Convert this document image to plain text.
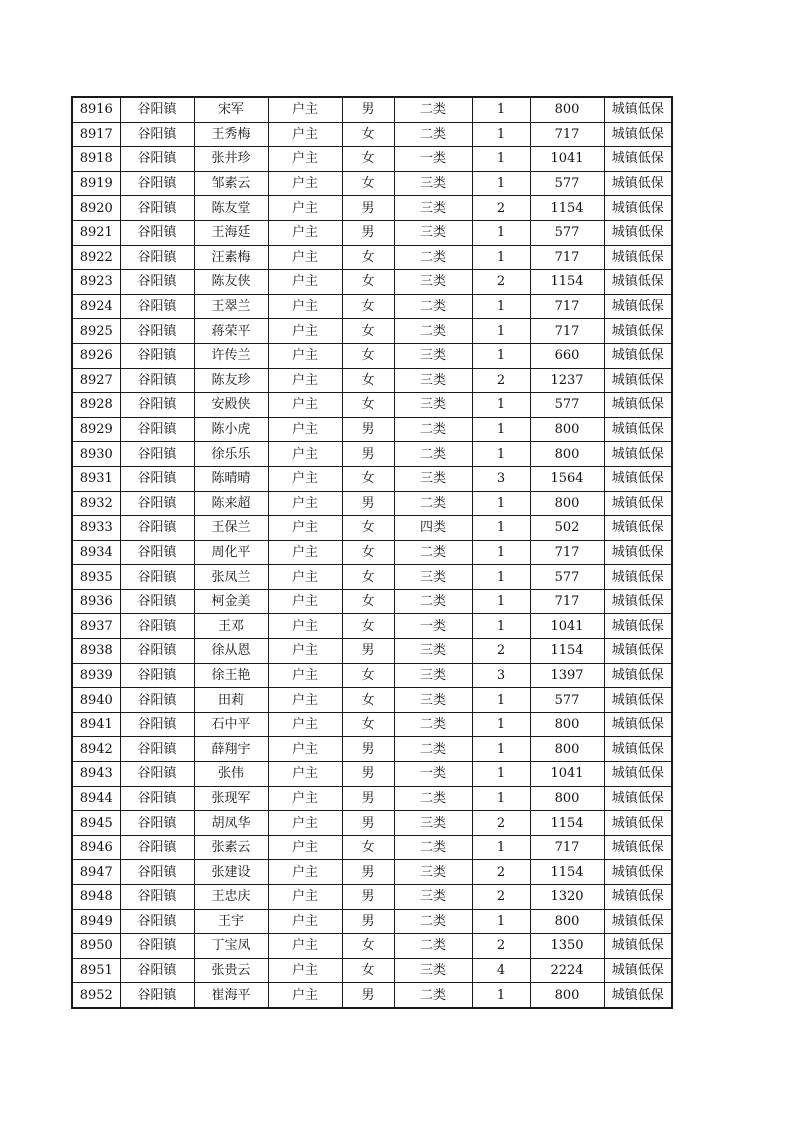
8916	谷阳镇	宋军	户主	男	二类	1	800	城镇低保
8917	谷阳镇	王秀梅	户主	女	二类	1	717	城镇低保
8918	谷阳镇	张井珍	户主	女	一类	1	1041	城镇低保
8919	谷阳镇	邹素云	户主	女	三类	1	577	城镇低保
8920	谷阳镇	陈友堂	户主	男	三类	2	1154	城镇低保
8921	谷阳镇	王海廷	户主	男	三类	1	577	城镇低保
8922	谷阳镇	汪素梅	户主	女	二类	1	717	城镇低保
8923	谷阳镇	陈友侠	户主	女	三类	2	1154	城镇低保
8924	谷阳镇	王翠兰	户主	女	二类	1	717	城镇低保
8925	谷阳镇	蒋荣平	户主	女	二类	1	717	城镇低保
8926	谷阳镇	许传兰	户主	女	三类	1	660	城镇低保
8927	谷阳镇	陈友珍	户主	女	三类	2	1237	城镇低保
8928	谷阳镇	安殿侠	户主	女	三类	1	577	城镇低保
8929	谷阳镇	陈小虎	户主	男	二类	1	800	城镇低保
8930	谷阳镇	徐乐乐	户主	男	二类	1	800	城镇低保
8931	谷阳镇	陈晴晴	户主	女	三类	3	1564	城镇低保
8932	谷阳镇	陈来超	户主	男	二类	1	800	城镇低保
8933	谷阳镇	王保兰	户主	女	四类	1	502	城镇低保
8934	谷阳镇	周化平	户主	女	二类	1	717	城镇低保
8935	谷阳镇	张凤兰	户主	女	三类	1	577	城镇低保
8936	谷阳镇	柯金美	户主	女	二类	1	717	城镇低保
8937	谷阳镇	王邓	户主	女	一类	1	1041	城镇低保
8938	谷阳镇	徐从恩	户主	男	三类	2	1154	城镇低保
8939	谷阳镇	徐王艳	户主	女	三类	3	1397	城镇低保
8940	谷阳镇	田莉	户主	女	三类	1	577	城镇低保
8941	谷阳镇	石中平	户主	女	二类	1	800	城镇低保
8942	谷阳镇	薛翔宇	户主	男	二类	1	800	城镇低保
8943	谷阳镇	张伟	户主	男	一类	1	1041	城镇低保
8944	谷阳镇	张现军	户主	男	二类	1	800	城镇低保
8945	谷阳镇	胡凤华	户主	男	三类	2	1154	城镇低保
8946	谷阳镇	张素云	户主	女	二类	1	717	城镇低保
8947	谷阳镇	张建设	户主	男	三类	2	1154	城镇低保
8948	谷阳镇	王忠庆	户主	男	三类	2	1320	城镇低保
8949	谷阳镇	王宇	户主	男	二类	1	800	城镇低保
8950	谷阳镇	丁宝凤	户主	女	二类	2	1350	城镇低保
8951	谷阳镇	张贵云	户主	女	三类	4	2224	城镇低保
8952	谷阳镇	崔海平	户主	男	二类	1	800	城镇低保
